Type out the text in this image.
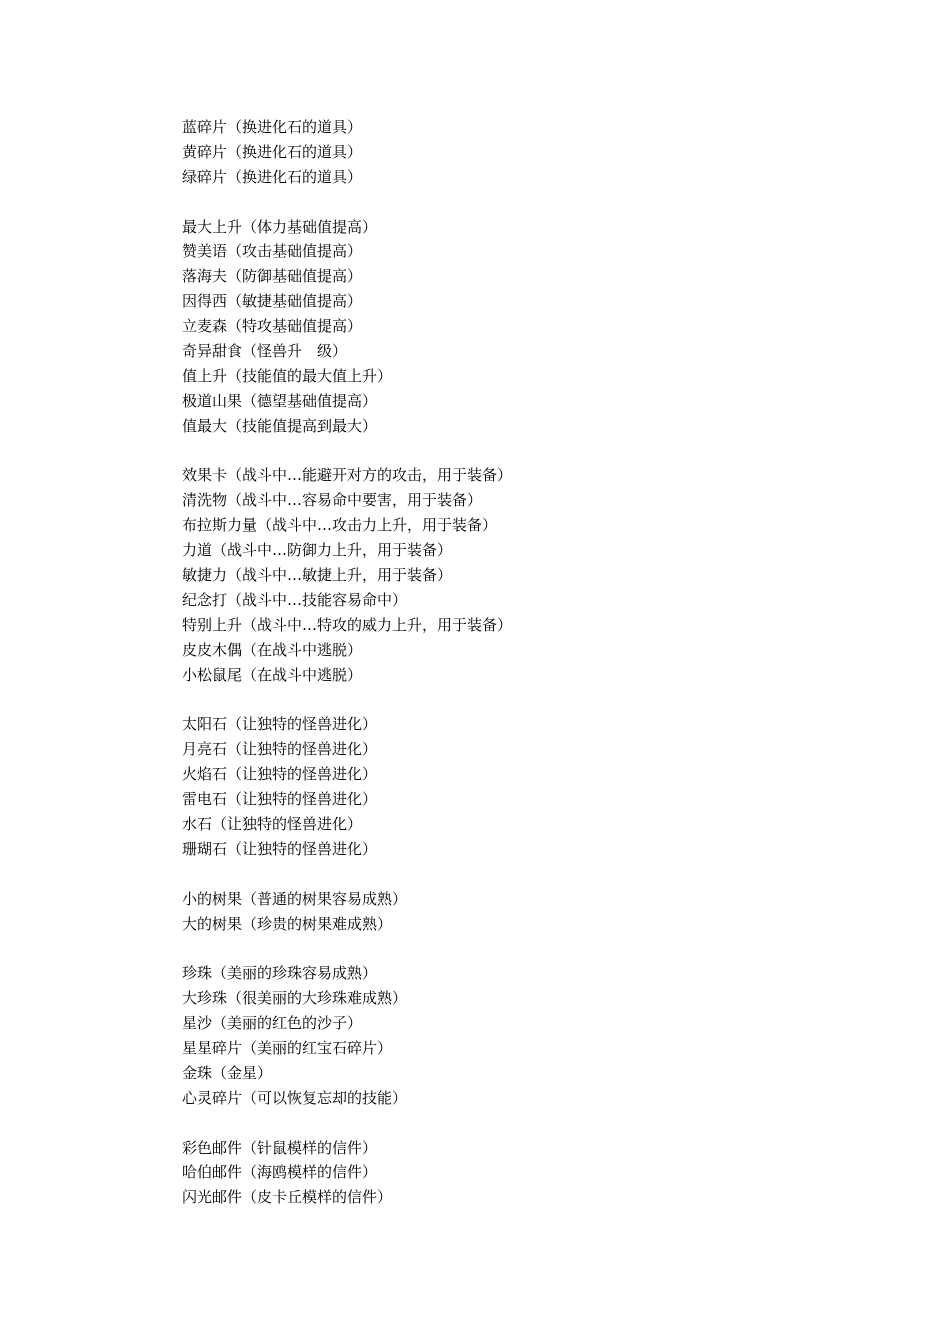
蓝碎片（换进化石的道具）
黄碎片（换进化石的道具）
绿碎片（换进化石的道具）
最大上升（体力基础值提高）
赞美语（攻击基础值提高）
落海夫（防御基础值提高）
因得西（敏捷基础值提高）
立麦森（特攻基础值提高）
奇异甜食（怪兽升　级）
值上升（技能值的最大值上升）
极道山果（德望基础值提高）
值最大（技能值提高到最大）
效果卡（战斗中…能避开对方的攻击，用于装备）
清洗物（战斗中…容易命中要害，用于装备）
布拉斯力量（战斗中…攻击力上升，用于装备）
力道（战斗中…防御力上升，用于装备）
敏捷力（战斗中…敏捷上升，用于装备）
纪念打（战斗中…技能容易命中）
特别上升（战斗中…特攻的威力上升，用于装备）
皮皮木偶（在战斗中逃脱）
小松鼠尾（在战斗中逃脱）
太阳石（让独特的怪兽进化）
月亮石（让独特的怪兽进化）
火焰石（让独特的怪兽进化）
雷电石（让独特的怪兽进化）
水石（让独特的怪兽进化）
珊瑚石（让独特的怪兽进化）
小的树果（普通的树果容易成熟）
大的树果（珍贵的树果难成熟）
珍珠（美丽的珍珠容易成熟）
大珍珠（很美丽的大珍珠难成熟）
星沙（美丽的红色的沙子）
星星碎片（美丽的红宝石碎片）
金珠（金星）
心灵碎片（可以恢复忘却的技能）
彩色邮件（针鼠模样的信件）
哈伯邮件（海鸥模样的信件）
闪光邮件（皮卡丘模样的信件）
